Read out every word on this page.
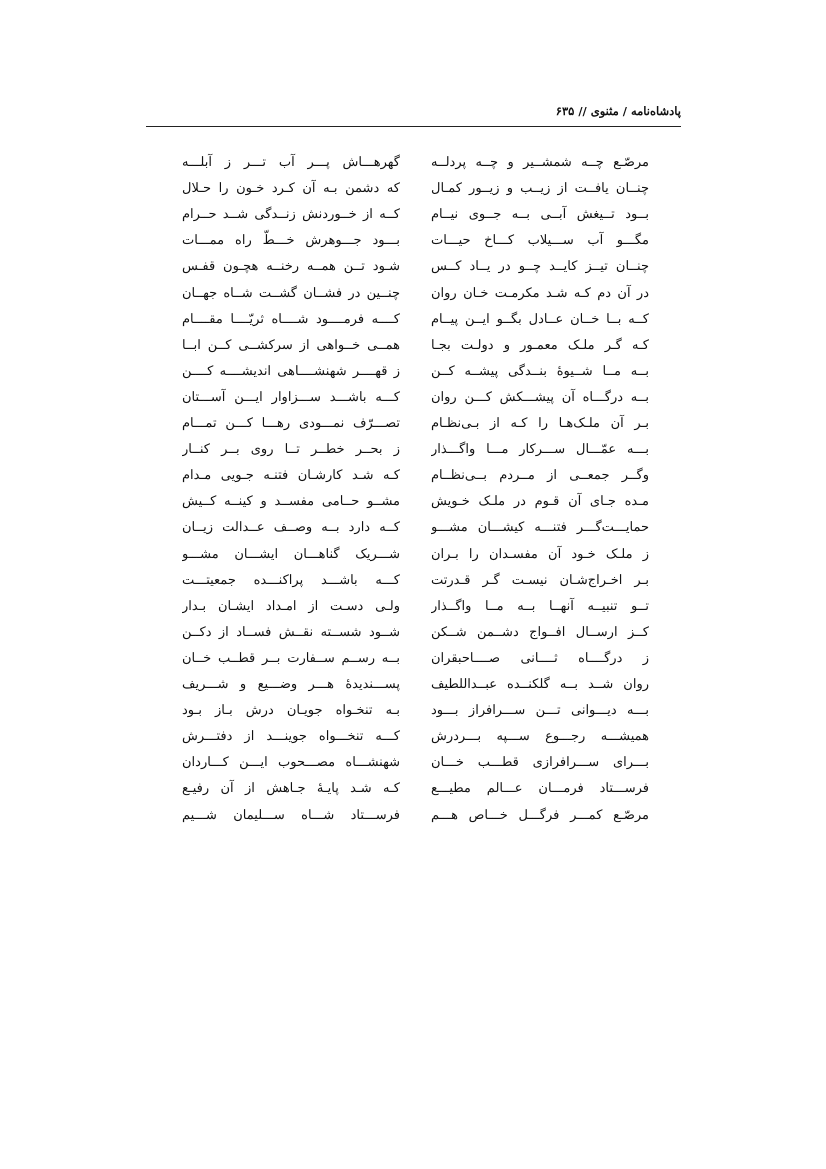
پادشاه‌نامه / مثنوی // ۶۳۵
مرصّـع چــه شمشــیر و چــه پردلــه
گهرهـــاش پـــر آب تـــر ز آبلـــه
چنــان یافــت از زیــب و زیــور کمـال
که دشمن بـه آن کـرد خـون را حـلال
بــود تــیغش آبــی بــه جــوی نیــام
کــه از خــوردنش زنــدگی شــد حــرام
مگـــو آب ســـیلاب کـــاخ حیـــات
بـــود جـــوهرش خـــطّ راه ممـــات
چنــان تیــز کایــد چــو در یــاد کــس
شـود تــن همــه رخنــه هچـون قفـس
در آن دم کـه شـد مکرمـت خـان روان
چنــین در فشــان گشــت شــاه جهــان
کــه بــا خــان عــادل بگــو ایــن پیــام
کــــه فرمــــود شــــاه ثریّــــا مقــــام
کـه گـر ملـک معمـور و دولـت بجـا
همــی خــواهی از سرکشــی کــن ابــا
بــه مــا شــیوهٔ بنــدگی پیشــه کــن
ز قهــــر شهنشــــاهی اندیشــــه کــــن
بــه درگـــاه آن پیشـــکش کـــن روان
کـــه باشـــد ســـزاوار ایـــن آســـتان
بـر آن ملـک‌هـا را کـه از بـی‌نظـام
تصـــرّف نمـــودی رهـــا کـــن تمـــام
بـــه عمّـــال ســـرکار مـــا واگـــذار
ز بحــر خطــر تــا روی بــر کنــار
وگــر جمعــی از مــردم بــی‌نظــام
کـه شـد کارشـان فتنـه جـویی مـدام
مـده جـای آن قـوم در ملـک خـویش
مشــو حــامی مفســد و کینــه کــیش
حمایـــت‌گـــر فتنـــه کیشـــان مشـــو
کــه دارد بــه وصــف عــدالت زیــان
ز ملـک خـود آن مفسـدان را بـران
شـــریک گناهـــان ایشـــان مشـــو
بـر اخـراج‌شـان نیسـت گـر قـدرتت
کـــه باشـــد پراکنـــده جمعیتـــت
تــو تنبیــه آنهــا بــه مــا واگــذار
ولـی دسـت از امـداد ایشـان بـدار
کــز ارســال افــواج دشــمن شــکن
شــود شســته نقــش فســاد از دکــن
ز درگــــاه ثــــانی صــــاحبقران
بــه رســم ســفارت بــر قطــب خــان
روان شــد بــه گلکنــده عبــداللطیف
پســـندیدهٔ هـــر وضـــیع و شـــریف
بـــه دیـــوانی تـــن ســـرافراز بـــود
بـه تنخـواه جویـان درش بـاز بـود
همیشـــه رجـــوع ســـپه بـــردرش
کـــه تنخـــواه جوینـــد از دفتـــرش
بـــرای ســـرافرازی قطـــب خـــان
شهنشـــاه مصـــحوب ایـــن کـــاردان
فرســـتاد فرمـــان عـــالم مطیـــع
کـه شـد پایـهٔ جـاهش از آن رفیـع
مرصّـع کمـــر فرگـــل خـــاص هـــم
فرســـتاد شـــاه ســـلیمان شـــیم
